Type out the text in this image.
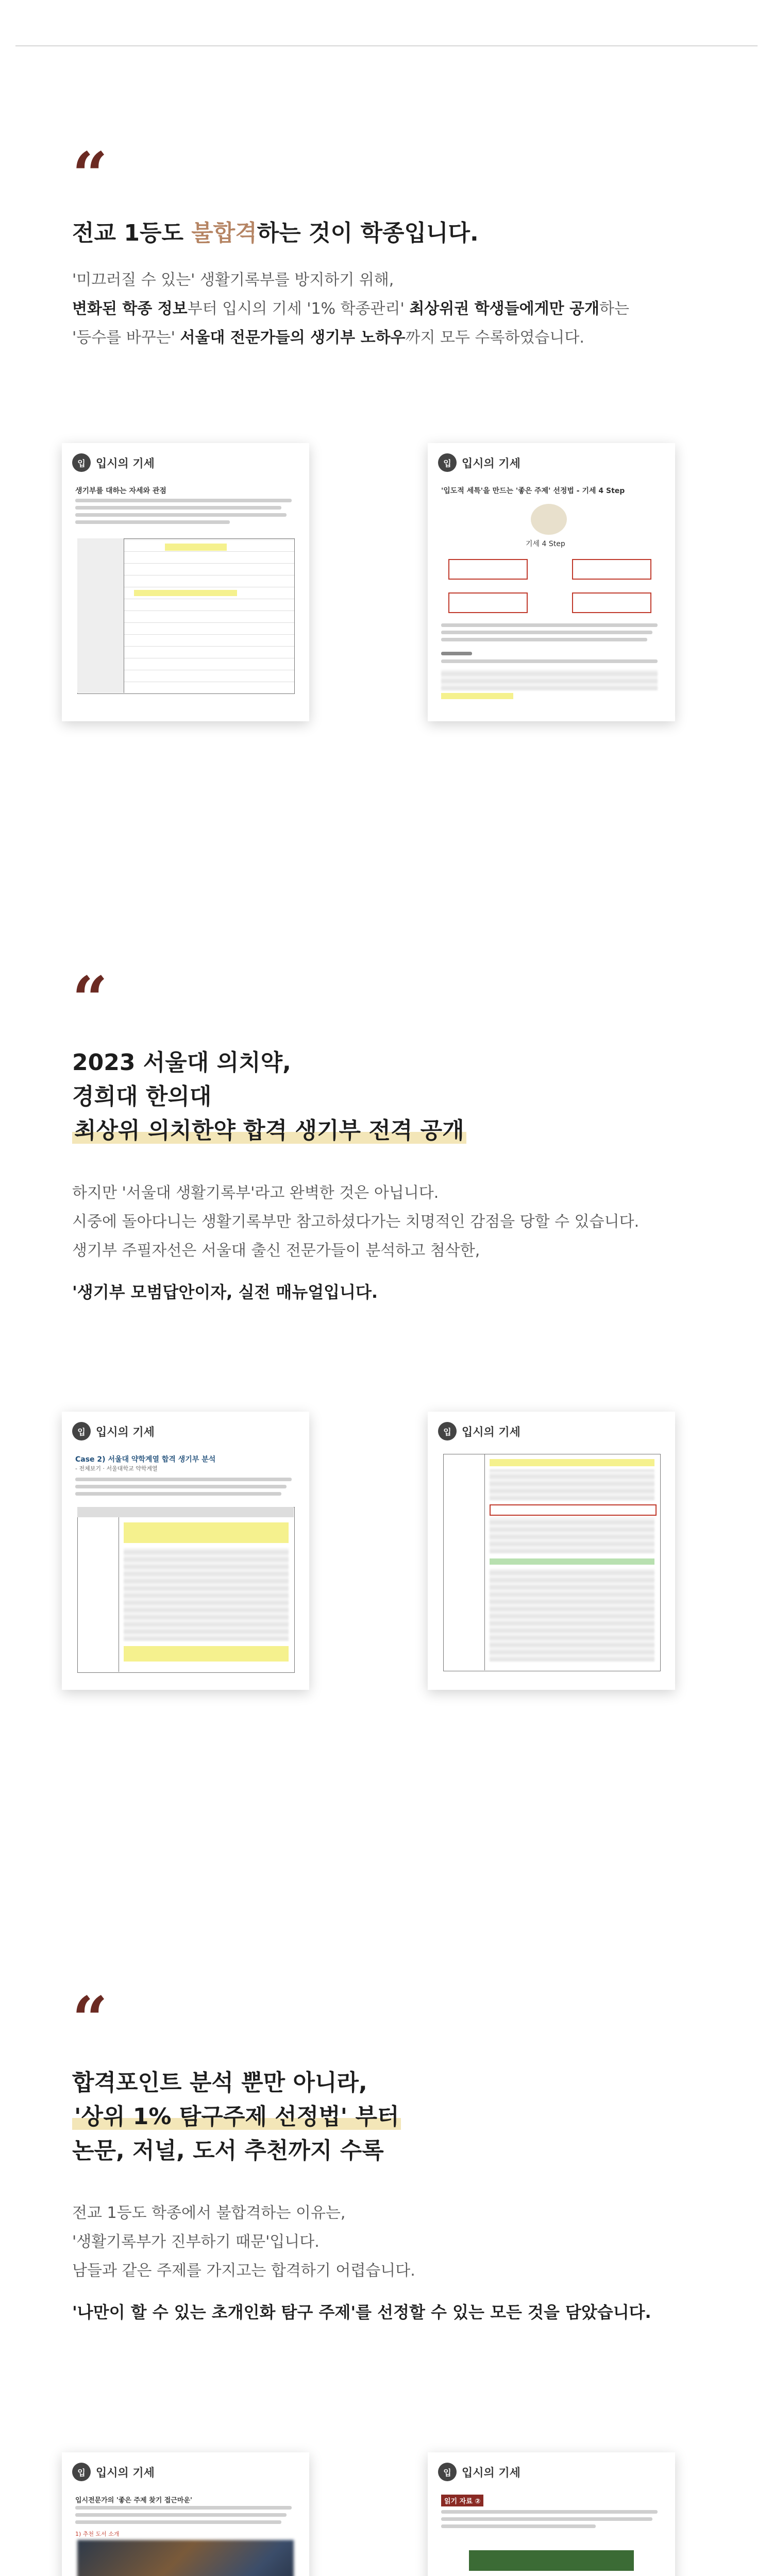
“
전교 1등도 불합격하는 것이 학종입니다.
'미끄러질 수 있는' 생활기록부를 방지하기 위해,
변화된 학종 정보부터 입시의 기세 '1% 학종관리' 최상위권 학생들에게만 공개하는
'등수를 바꾸는' 서울대 전문가들의 생기부 노하우까지 모두 수록하였습니다.
입 입시의 기세
생기부를 대하는 자세와 관점
입 입시의 기세
'입도적 세특'을 만드는 '좋은 주제' 선정법 - 기세 4 Step
기세 4 Step
“
2023 서울대 의치약,
경희대 한의대
최상위 의치한약 합격 생기부 전격 공개
하지만 '서울대 생활기록부'라고 완벽한 것은 아닙니다.
시중에 돌아다니는 생활기록부만 참고하셨다가는 치명적인 감점을 당할 수 있습니다.
생기부 주필자선은 서울대 출신 전문가들이 분석하고 첨삭한,
'생기부 모범답안이자, 실전 매뉴얼입니다.
입 입시의 기세
Case 2) 서울대 약학계열 합격 생기부 분석
- 전체보기 · 서울대학교 약학계열
입 입시의 기세
“
합격포인트 분석 뿐만 아니라,
'상위 1% 탐구주제 선정법' 부터
논문, 저널, 도서 추천까지 수록
전교 1등도 학종에서 불합격하는 이유는,
'생활기록부가 진부하기 때문'입니다.
남들과 같은 주제를 가지고는 합격하기 어렵습니다.
'나만이 할 수 있는 초개인화 탐구 주제'를 선정할 수 있는 모든 것을 담았습니다.
입 입시의 기세
입시전문가의 '좋은 주제 찾기 접근마운'
1) 추천 도서 소개
입 입시의 기세
읽기 자료 ②
